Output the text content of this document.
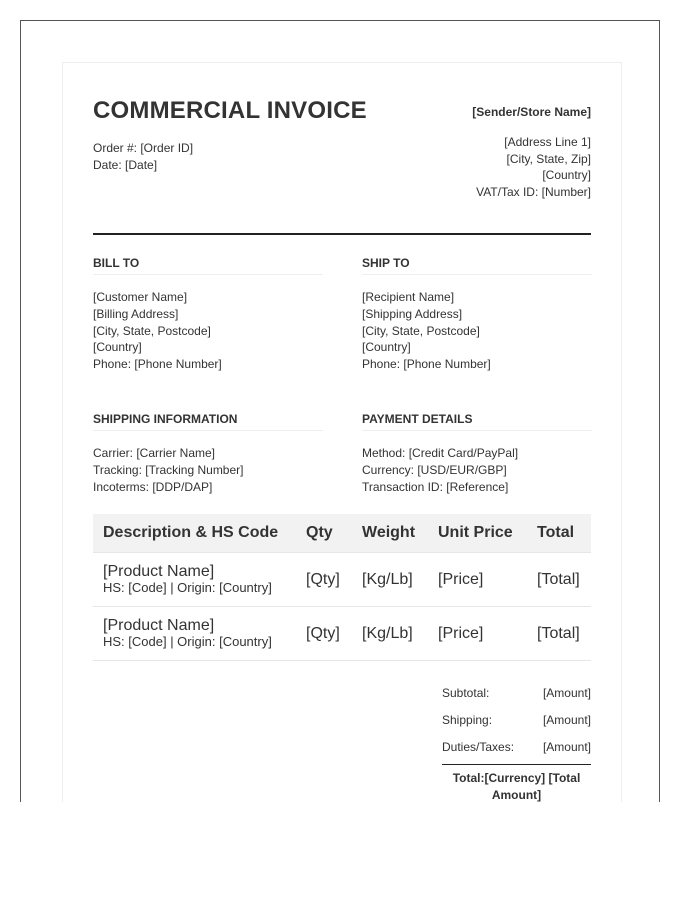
COMMERCIAL INVOICE
Order #: [Order ID]
Date: [Date]
[Sender/Store Name]
[Address Line 1]
[City, State, Zip]
[Country]
VAT/Tax ID: [Number]
BILL TO
[Customer Name]
[Billing Address]
[City, State, Postcode]
[Country]
Phone: [Phone Number]
SHIP TO
[Recipient Name]
[Shipping Address]
[City, State, Postcode]
[Country]
Phone: [Phone Number]
SHIPPING INFORMATION
Carrier: [Carrier Name]
Tracking: [Tracking Number]
Incoterms: [DDP/DAP]
PAYMENT DETAILS
Method: [Credit Card/PayPal]
Currency: [USD/EUR/GBP]
Transaction ID: [Reference]
Description & HS Code	Qty	Weight	Unit Price	Total

[Product Name]
HS: [Code] | Origin: [Country]	[Qty]	[Kg/Lb]	[Price]	[Total]

[Product Name]
HS: [Code] | Origin: [Country]	[Qty]	[Kg/Lb]	[Price]	[Total]
Subtotal:	[Amount]
Shipping:	[Amount]
Duties/Taxes: [Amount]
Total:[Currency] [Total Amount]
